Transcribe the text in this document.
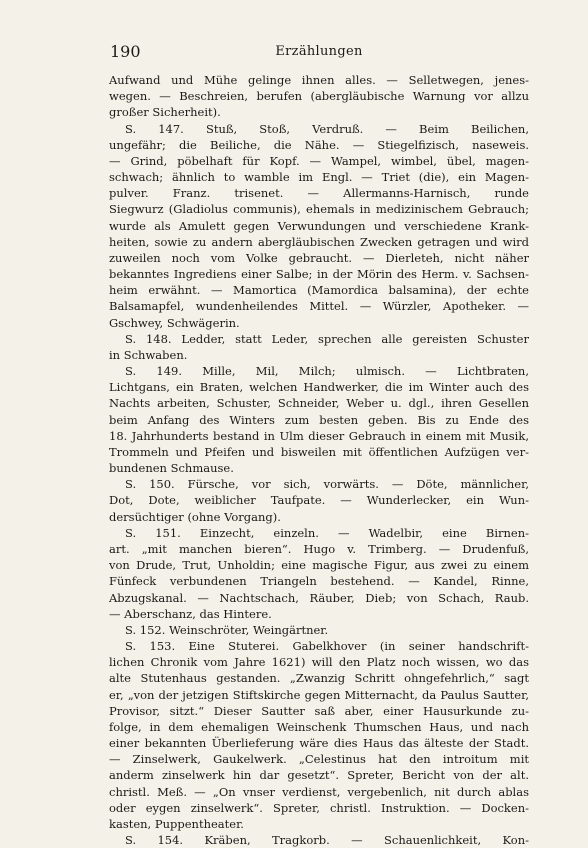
190	Erzählungen
Aufwand und Mühe gelinge ihnen alles. — Selletwegen, jenes-
wegen. — Beschreien, berufen (abergläubische Warnung vor allzu
großer Sicherheit).
S. 147. Stuß, Stoß, Verdruß. — Beim Beilichen,
ungefähr; die Beiliche, die Nähe. — Stiegelfizisch, naseweis.
— Grind, pöbelhaft für Kopf. — Wampel, wimbel, übel, magen-
schwach; ähnlich to wamble im Engl. — Triet (die), ein Magen-
pulver. Franz. trisenet. — Allermanns-Harnisch, runde
Siegwurz (Gladiolus communis), ehemals in medizinischem Gebrauch;
wurde als Amulett gegen Verwundungen und verschiedene Krank-
heiten, sowie zu andern abergläubischen Zwecken getragen und wird
zuweilen noch vom Volke gebraucht. — Dierleteh, nicht näher
bekanntes Ingrediens einer Salbe; in der Mörin des Herm. v. Sachsen-
heim erwähnt. — Mamortica (Mamordica balsamina), der echte
Balsamapfel, wundenheilendes Mittel. — Würzler, Apotheker. —
Gschwey, Schwägerin.
S. 148. Ledder, statt Leder, sprechen alle gereisten Schuster
in Schwaben.
S. 149. Mille, Mil, Milch; ulmisch. — Lichtbraten,
Lichtgans, ein Braten, welchen Handwerker, die im Winter auch des
Nachts arbeiten, Schuster, Schneider, Weber u. dgl., ihren Gesellen
beim Anfang des Winters zum besten geben. Bis zu Ende des
18. Jahrhunderts bestand in Ulm dieser Gebrauch in einem mit Musik,
Trommeln und Pfeifen und bisweilen mit öffentlichen Aufzügen ver-
bundenen Schmause.
S. 150. Fürsche, vor sich, vorwärts. — Döte, männlicher,
Dot, Dote, weiblicher Taufpate. — Wunderlecker, ein Wun-
dersüchtiger (ohne Vorgang).
S. 151. Einzecht, einzeln. — Wadelbir, eine Birnen-
art. „mit manchen bieren“. Hugo v. Trimberg. — Drudenfuß,
von Drude, Trut, Unholdin; eine magische Figur, aus zwei zu einem
Fünfeck verbundenen Triangeln bestehend. — Kandel, Rinne,
Abzugskanal. — Nachtschach, Räuber, Dieb; von Schach, Raub.
— Aberschanz, das Hintere.
S. 152. Weinschröter, Weingärtner.
S. 153. Eine Stuterei. Gabelkhover (in seiner handschrift-
lichen Chronik vom Jahre 1621) will den Platz noch wissen, wo das
alte Stutenhaus gestanden. „Zwanzig Schritt ohngefehrlich,“ sagt
er, „von der jetzigen Stiftskirche gegen Mitternacht, da Paulus Sautter,
Provisor, sitzt.“ Dieser Sautter saß aber, einer Hausurkunde zu-
folge, in dem ehemaligen Weinschenk Thumschen Haus, und nach
einer bekannten Überlieferung wäre dies Haus das älteste der Stadt.
— Zinselwerk, Gaukelwerk. „Celestinus hat den introitum mit
anderm zinselwerk hin dar gesetzt“. Spreter, Bericht von der alt.
christl. Meß. — „On vnser verdienst, vergebenlich, nit durch ablas
oder eygen zinselwerk“. Spreter, christl. Instruktion. — Docken-
kasten, Puppentheater.
S. 154. Kräben, Tragkorb. — Schauenlichkeit, Kon-
